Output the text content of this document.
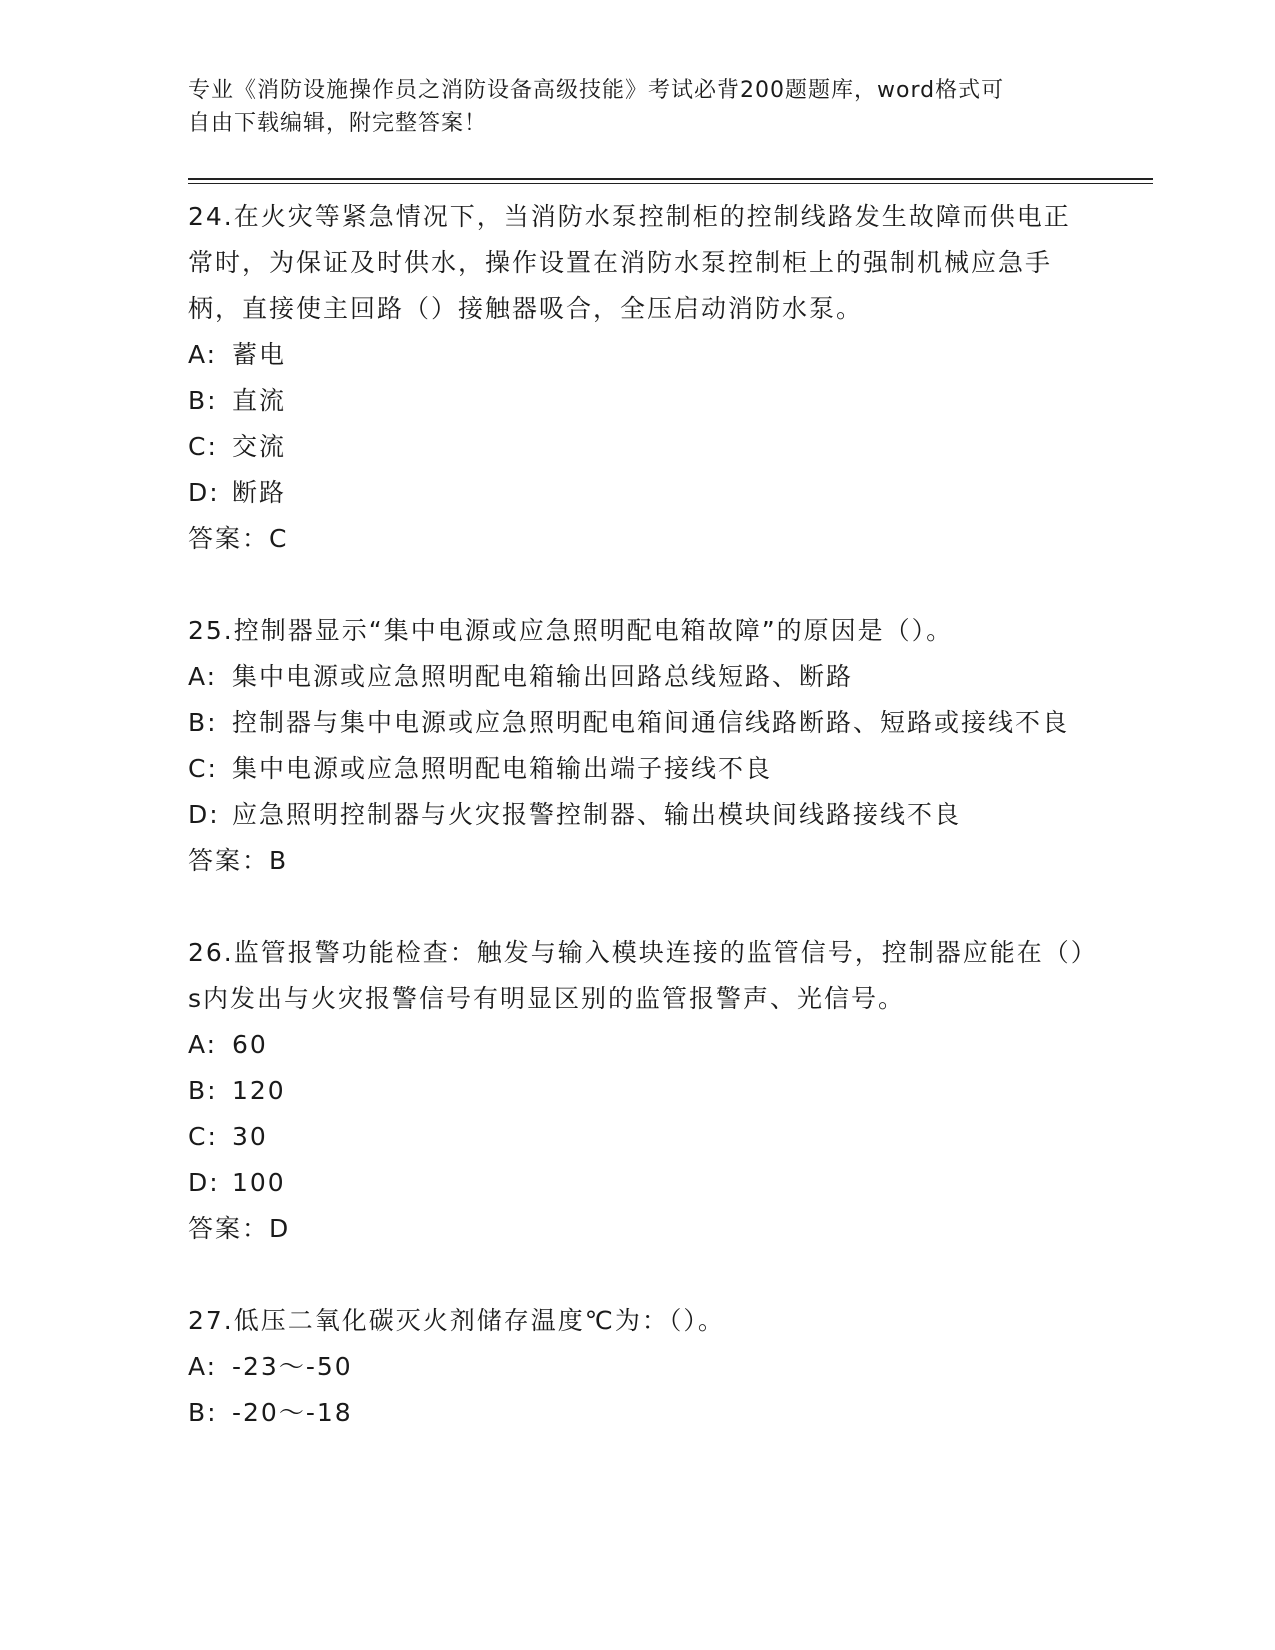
专业《消防设施操作员之消防设备高级技能》考试必背200题题库，word格式可
自由下载编辑，附完整答案！

24.在火灾等紧急情况下，当消防水泵控制柜的控制线路发生故障而供电正常时，为保证及时供水，操作设置在消防水泵控制柜上的强制机械应急手柄，直接使主回路（）接触器吸合，全压启动消防水泵。

A: 蓄电

B: 直流

C: 交流

D: 断路

答案：C

25.控制器显示“集中电源或应急照明配电箱故障”的原因是（）。

A: 集中电源或应急照明配电箱输出回路总线短路、断路

B: 控制器与集中电源或应急照明配电箱间通信线路断路、短路或接线不良

C: 集中电源或应急照明配电箱输出端子接线不良

D: 应急照明控制器与火灾报警控制器、输出模块间线路接线不良

答案：B

26.监管报警功能检查：触发与输入模块连接的监管信号，控制器应能在（）s内发出与火灾报警信号有明显区别的监管报警声、光信号。

A: 60

B: 120

C: 30

D: 100

答案：D

27.低压二氧化碳灭火剂储存温度℃为：（）。

A: -23～-50

B: -20～-18
